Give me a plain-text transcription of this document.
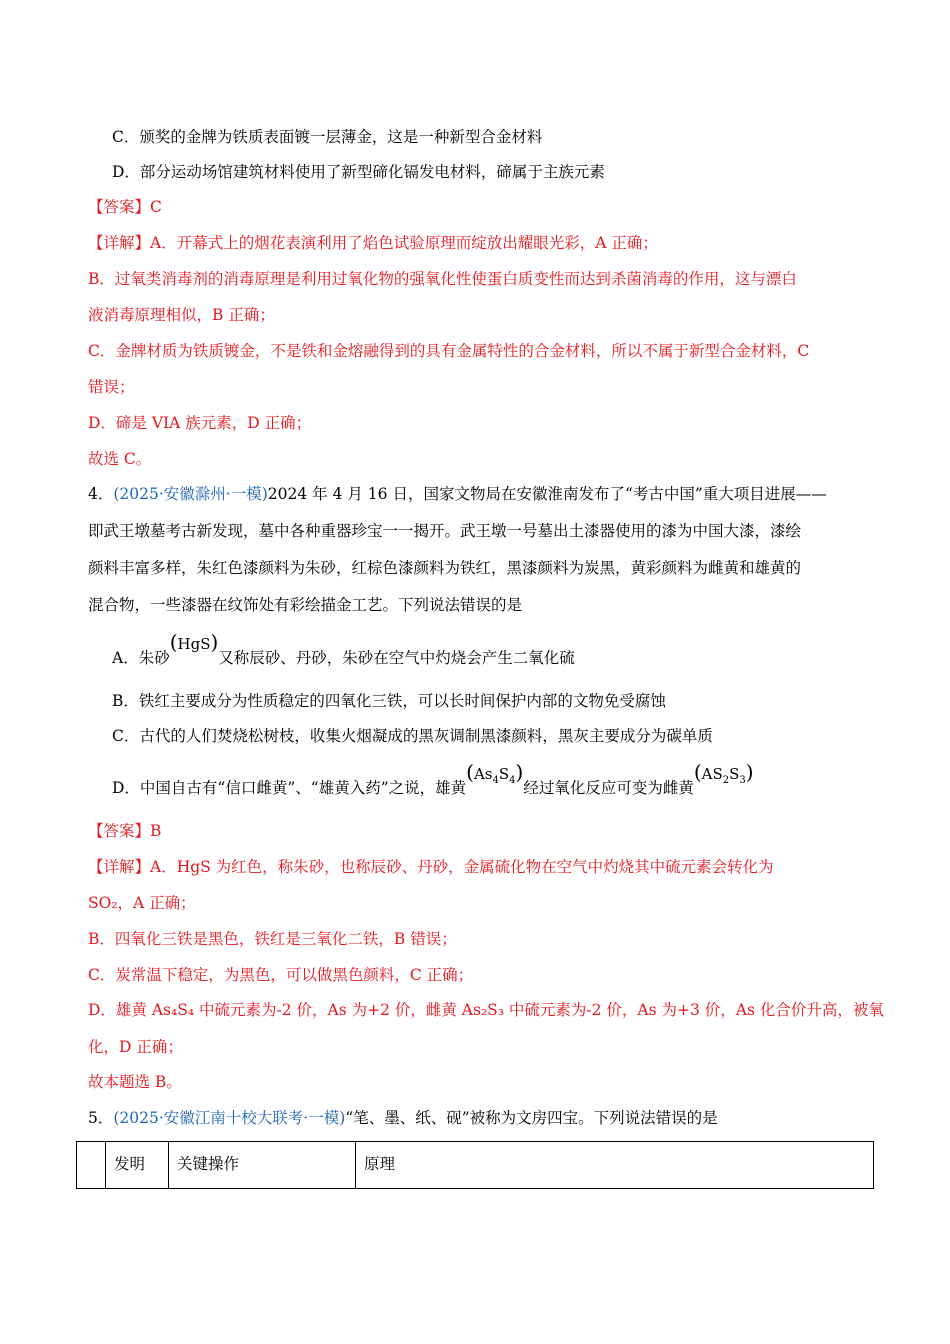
C．颁奖的金牌为铁质表面镀一层薄金，这是一种新型合金材料
D．部分运动场馆建筑材料使用了新型碲化镉发电材料，碲属于主族元素
【答案】C
【详解】A．开幕式上的烟花表演利用了焰色试验原理而绽放出耀眼光彩，A 正确；
B．过氧类消毒剂的消毒原理是利用过氧化物的强氧化性使蛋白质变性而达到杀菌消毒的作用，这与漂白
液消毒原理相似，B 正确；
C．金牌材质为铁质镀金，不是铁和金熔融得到的具有金属特性的合金材料，所以不属于新型合金材料，C
错误；
D．碲是 VIA 族元素，D 正确；
故选 C。
4．(2025·安徽滁州·一模)2024 年 4 月 16 日，国家文物局在安徽淮南发布了“考古中国”重大项目进展——
即武王墩墓考古新发现，墓中各种重器珍宝一一揭开。武王墩一号墓出土漆器使用的漆为中国大漆，漆绘
颜料丰富多样，朱红色漆颜料为朱砂，红棕色漆颜料为铁红，黑漆颜料为炭黑，黄彩颜料为雌黄和雄黄的
混合物，一些漆器在纹饰处有彩绘描金工艺。下列说法错误的是
A．朱砂(HgS)又称辰砂、丹砂，朱砂在空气中灼烧会产生二氧化硫
B．铁红主要成分为性质稳定的四氧化三铁，可以长时间保护内部的文物免受腐蚀
C．古代的人们焚烧松树枝，收集火烟凝成的黑灰调制黑漆颜料，黑灰主要成分为碳单质
D．中国自古有“信口雌黄”、“雄黄入药”之说，雄黄$(As_4S_4)$经过氧化反应可变为雌黄$(AS_2S_3)$
【答案】B
【详解】A．HgS 为红色，称朱砂，也称辰砂、丹砂，金属硫化物在空气中灼烧其中硫元素会转化为
SO₂，A 正确；
B．四氧化三铁是黑色，铁红是三氧化二铁，B 错误；
C．炭常温下稳定，为黑色，可以做黑色颜料，C 正确；
D．雄黄 As₄S₄ 中硫元素为-2 价，As 为+2 价，雌黄 As₂S₃ 中硫元素为-2 价，As 为+3 价，As 化合价升高，被氧
化，D 正确；
故本题选 B。
5．(2025·安徽江南十校大联考·一模)“笔、墨、纸、砚”被称为文房四宝。下列说法错误的是
	发明	关键操作	原理
